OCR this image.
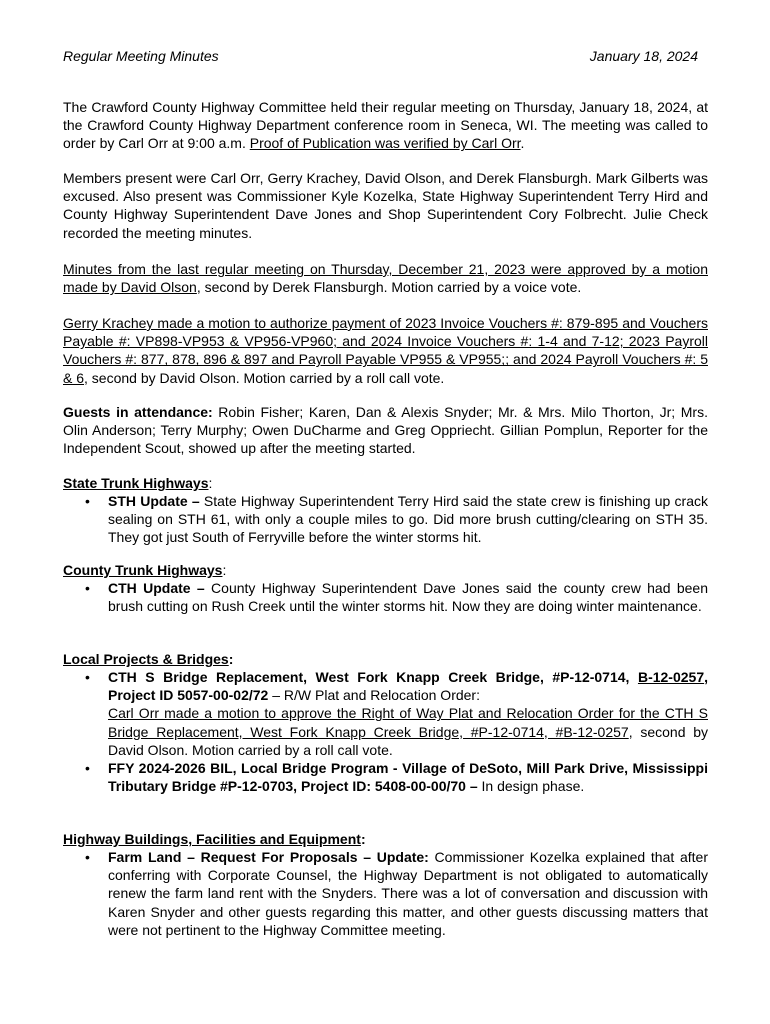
Regular Meeting Minutes	January 18, 2024
The Crawford County Highway Committee held their regular meeting on Thursday, January 18, 2024, at the Crawford County Highway Department conference room in Seneca, WI. The meeting was called to order by Carl Orr at 9:00 a.m. Proof of Publication was verified by Carl Orr.
Members present were Carl Orr, Gerry Krachey, David Olson, and Derek Flansburgh. Mark Gilberts was excused. Also present was Commissioner Kyle Kozelka, State Highway Superintendent Terry Hird and County Highway Superintendent Dave Jones and Shop Superintendent Cory Folbrecht. Julie Check recorded the meeting minutes.
Minutes from the last regular meeting on Thursday, December 21, 2023 were approved by a motion made by David Olson, second by Derek Flansburgh. Motion carried by a voice vote.
Gerry Krachey made a motion to authorize payment of 2023 Invoice Vouchers #: 879-895 and Vouchers Payable #: VP898-VP953 & VP956-VP960; and 2024 Invoice Vouchers #: 1-4 and 7-12; 2023 Payroll Vouchers #: 877, 878, 896 & 897 and Payroll Payable VP955 & VP955;; and 2024 Payroll Vouchers #: 5 & 6, second by David Olson. Motion carried by a roll call vote.
Guests in attendance: Robin Fisher; Karen, Dan & Alexis Snyder; Mr. & Mrs. Milo Thorton, Jr; Mrs. Olin Anderson; Terry Murphy; Owen DuCharme and Greg Oppriecht. Gillian Pomplun, Reporter for the Independent Scout, showed up after the meeting started.
State Trunk Highways:
•	STH Update – State Highway Superintendent Terry Hird said the state crew is finishing up crack sealing on STH 61, with only a couple miles to go. Did more brush cutting/clearing on STH 35. They got just South of Ferryville before the winter storms hit.
County Trunk Highways:
•	CTH Update – County Highway Superintendent Dave Jones said the county crew had been brush cutting on Rush Creek until the winter storms hit. Now they are doing winter maintenance.
Local Projects & Bridges:
•	CTH S Bridge Replacement, West Fork Knapp Creek Bridge, #P-12-0714, B-12-0257, Project ID 5057-00-02/72 – R/W Plat and Relocation Order:
Carl Orr made a motion to approve the Right of Way Plat and Relocation Order for the CTH S Bridge Replacement, West Fork Knapp Creek Bridge, #P-12-0714, #B-12-0257, second by David Olson. Motion carried by a roll call vote.
•	FFY 2024-2026 BIL, Local Bridge Program - Village of DeSoto, Mill Park Drive, Mississippi Tributary Bridge #P-12-0703, Project ID: 5408-00-00/70 – In design phase.
Highway Buildings, Facilities and Equipment:
•	Farm Land – Request For Proposals – Update: Commissioner Kozelka explained that after conferring with Corporate Counsel, the Highway Department is not obligated to automatically renew the farm land rent with the Snyders. There was a lot of conversation and discussion with Karen Snyder and other guests regarding this matter, and other guests discussing matters that were not pertinent to the Highway Committee meeting.
